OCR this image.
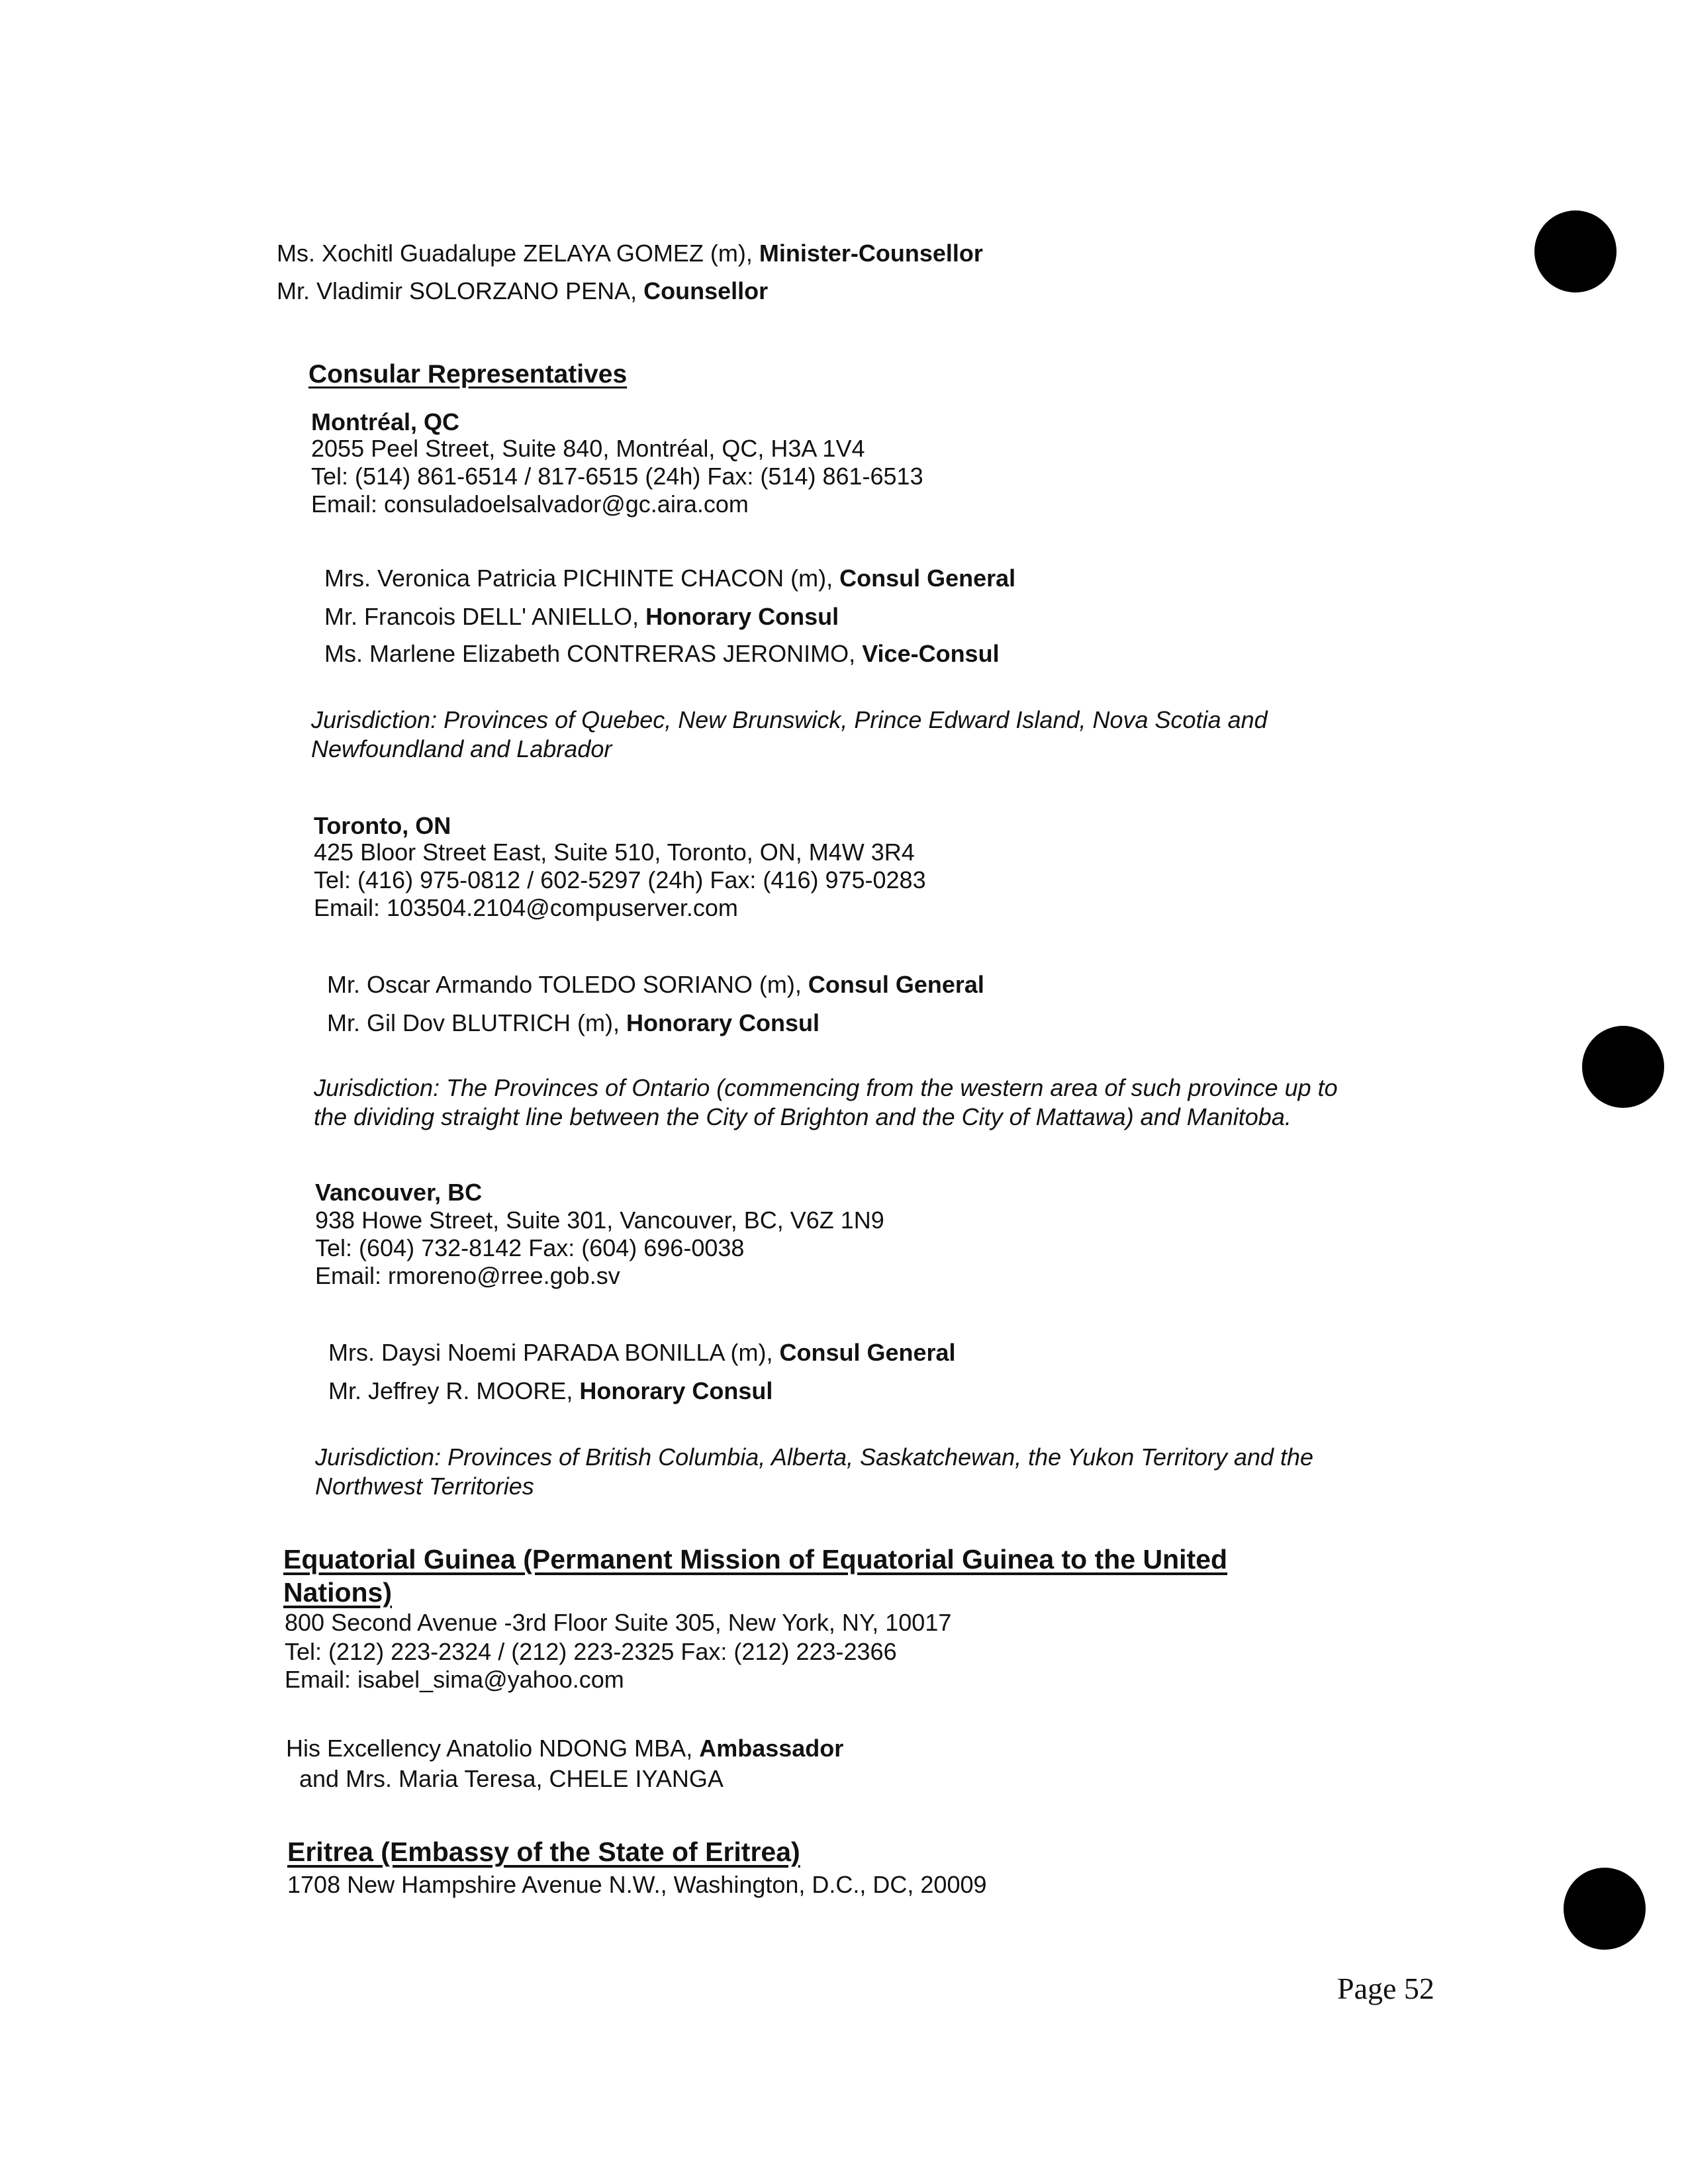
Ms. Xochitl Guadalupe ZELAYA GOMEZ (m), Minister-Counsellor
Mr. Vladimir SOLORZANO PENA, Counsellor
Consular Representatives
Montréal, QC
2055 Peel Street, Suite 840, Montréal, QC, H3A 1V4
Tel: (514) 861-6514 / 817-6515 (24h) Fax: (514) 861-6513
Email: consuladoelsalvador@gc.aira.com
Mrs. Veronica Patricia PICHINTE CHACON (m), Consul General
Mr. Francois DELL' ANIELLO, Honorary Consul
Ms. Marlene Elizabeth CONTRERAS JERONIMO, Vice-Consul
Jurisdiction: Provinces of Quebec, New Brunswick, Prince Edward Island, Nova Scotia and
Newfoundland and Labrador
Toronto, ON
425 Bloor Street East, Suite 510, Toronto, ON, M4W 3R4
Tel: (416) 975-0812 / 602-5297 (24h) Fax: (416) 975-0283
Email: 103504.2104@compuserver.com
Mr. Oscar Armando TOLEDO SORIANO (m), Consul General
Mr. Gil Dov BLUTRICH (m), Honorary Consul
Jurisdiction: The Provinces of Ontario (commencing from the western area of such province up to
the dividing straight line between the City of Brighton and the City of Mattawa) and Manitoba.
Vancouver, BC
938 Howe Street, Suite 301, Vancouver, BC, V6Z 1N9
Tel: (604) 732-8142 Fax: (604) 696-0038
Email: rmoreno@rree.gob.sv
Mrs. Daysi Noemi PARADA BONILLA (m), Consul General
Mr. Jeffrey R. MOORE, Honorary Consul
Jurisdiction: Provinces of British Columbia, Alberta, Saskatchewan, the Yukon Territory and the
Northwest Territories
Equatorial Guinea (Permanent Mission of Equatorial Guinea to the United
Nations)
800 Second Avenue -3rd Floor Suite 305, New York, NY, 10017
Tel: (212) 223-2324 / (212) 223-2325 Fax: (212) 223-2366
Email: isabel_sima@yahoo.com
His Excellency Anatolio NDONG MBA, Ambassador
and Mrs. Maria Teresa, CHELE IYANGA
Eritrea (Embassy of the State of Eritrea)
1708 New Hampshire Avenue N.W., Washington, D.C., DC, 20009
Page 52
